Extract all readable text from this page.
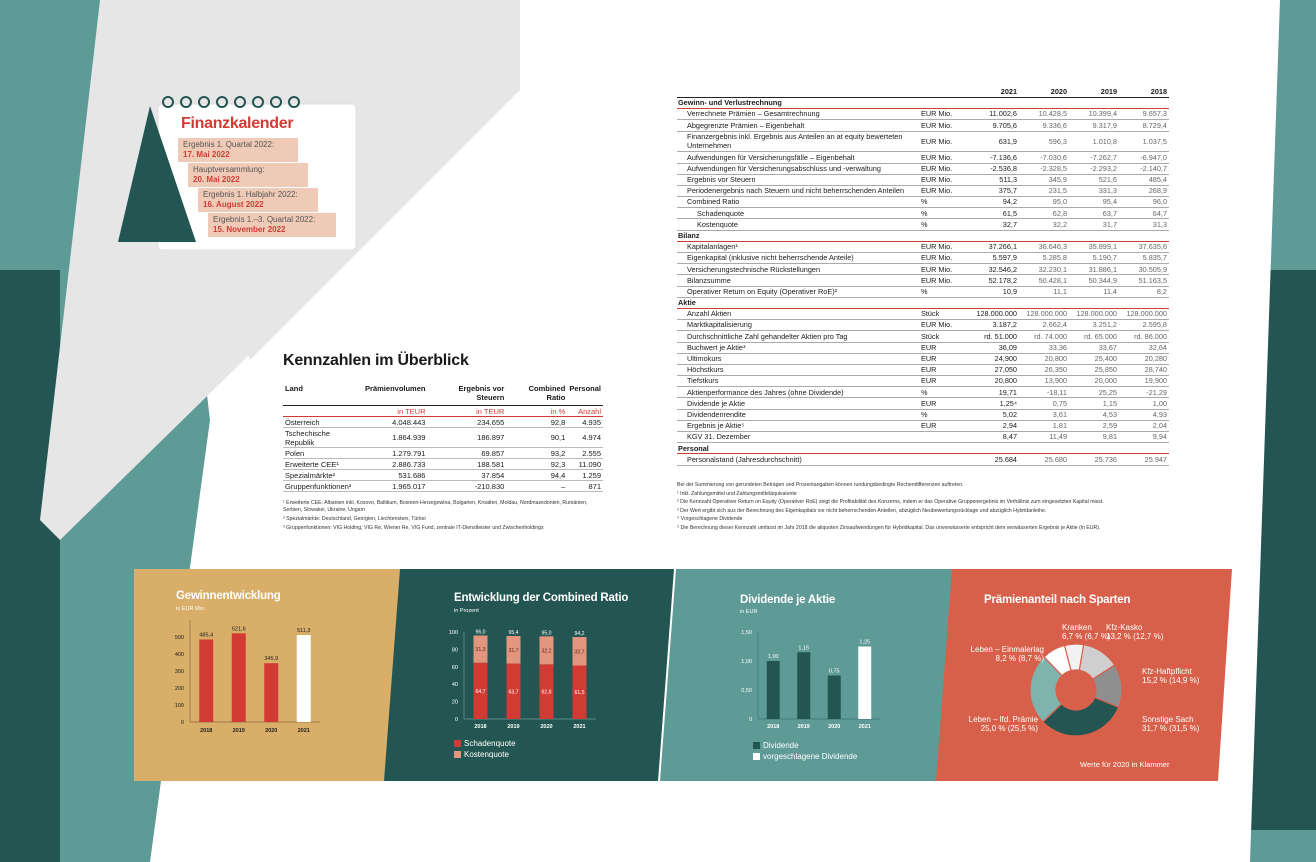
Finanzkalender
Ergebnis 1. Quartal 2022:
17. Mai 2022
Hauptversammlung:
20. Mai 2022
Ergebnis 1. Halbjahr 2022:
16. August 2022
Ergebnis 1.–3. Quartal 2022:
15. November 2022
Kennzahlen im Überblick
Land	Prämienvolumen	Ergebnis vor Steuern	Combined Ratio	Personal
	in TEUR	in TEUR	in %	Anzahl
Österreich	4.048.443	234.655	92,8	4.935
Tschechische Republik	1.864.939	186.897	90,1	4.974
Polen	1.279.791	69.857	93,2	2.555
Erweiterte CEE¹	2.886.733	188.581	92,3	11.090
Spezialmärkte²	531.686	37.854	94,4	1.259
Gruppenfunktionen³	1.965.017	-210.830	–	871
¹ Erweiterte CEE: Albanien inkl. Kosovo, Baltikum, Bosnien-Herzegowina, Bulgarien, Kroatien, Moldau, Nordmazedonien, Rumänien, Serbien, Slowakei, Ukraine, Ungarn
² Spezialmärkte: Deutschland, Georgien, Liechtenstein, Türkei
³ Gruppenfunktionen: VIG Holding, VIG Re, Wiener Re, VIG Fund, zentrale IT-Dienstleister und Zwischenholdings
		2021	2020	2019	2018
Gewinn- und Verlustrechnung					
Verrechnete Prämien – Gesamtrechnung	EUR Mio.	11.002,6	10.428,5	10.399,4	9.657,3
Abgegrenzte Prämien – Eigenbehalt	EUR Mio.	9.705,6	9.336,6	9.317,9	8.729,4
Finanzergebnis inkl. Ergebnis aus Anteilen an at equity bewerteten Unternehmen	EUR Mio.	631,9	596,3	1.010,8	1.037,5
Aufwendungen für Versicherungsfälle – Eigenbehalt	EUR Mio.	-7.136,6	-7.030,6	-7.262,7	-6.947,0
Aufwendungen für Versicherungsabschluss und -verwaltung	EUR Mio.	-2.536,8	-2.328,5	-2.293,2	-2.140,7
Ergebnis vor Steuern	EUR Mio.	511,3	345,9	521,6	485,4
Periodenergebnis nach Steuern und nicht beherrschenden Anteilen	EUR Mio.	375,7	231,5	331,3	268,9
Combined Ratio	%	94,2	95,0	95,4	96,0
Schadenquote	%	61,5	62,8	63,7	64,7
Kostenquote	%	32,7	32,2	31,7	31,3
Bilanz					
Kapitalanlagen¹	EUR Mio.	37.266,1	36.646,3	35.899,1	37.635,6
Eigenkapital (inklusive nicht beherrschende Anteile)	EUR Mio.	5.597,9	5.285,8	5.190,7	5.835,7
Versicherungstechnische Rückstellungen	EUR Mio.	32.546,2	32.230,1	31.886,1	30.505,9
Bilanzsumme	EUR Mio.	52.178,2	50.428,1	50.344,9	51.163,5
Operativer Return on Equity (Operativer RoE)²	%	10,9	11,1	11,4	8,2
Aktie					
Anzahl Aktien	Stück	128.000.000	128.000.000	128.000.000	128.000.000
Marktkapitalisierung	EUR Mio.	3.187,2	2.662,4	3.251,2	2.595,8
Durchschnittliche Zahl gehandelter Aktien pro Tag	Stück	rd. 51.000	rd. 74.000	rd. 65.000	rd. 86.000
Buchwert je Aktie³	EUR	36,09	33,36	33,67	32,64
Ultimokurs	EUR	24,900	20,800	25,400	20,280
Höchstkurs	EUR	27,050	26,350	25,850	28,740
Tiefstkurs	EUR	20,800	13,900	20,000	19,900
Aktienperformance des Jahres (ohne Dividende)	%	19,71	-18,11	25,25	-21,29
Dividende je Aktie	EUR	1,25⁴	0,75	1,15	1,00
Dividendenrendite	%	5,02	3,61	4,53	4,93
Ergebnis je Aktie⁵	EUR	2,94	1,81	2,59	2,04
KGV 31. Dezember		8,47	11,49	9,81	9,94
Personal					
Personalstand (Jahresdurchschnitt)		25.684	25.680	25.736	25.947
Bei der Summierung von gerundeten Beträgen und Prozentangaben können rundungsbedingte Rechendifferenzen auftreten.
¹ Inkl. Zahlungsmittel und Zahlungsmitteläquivalente
² Die Kennzahl Operativer Return on Equity (Operativer RoE) zeigt die Profitabilität des Konzerns, indem er das Operative Gruppenergebnis im Verhältnis zum eingesetzten Kapital misst.
³ Der Wert ergibt sich aus der Berechnung des Eigenkapitals vor nicht beherrschenden Anteilen, abzüglich Neubewertungsrücklage und abzüglich Hybridanleihe.
⁴ Vorgeschlagene Dividende
⁵ Die Berechnung dieser Kennzahl umfasst im Jahr 2018 die aliquoten Zinsaufwendungen für Hybridkapital. Das unverwässerte entspricht dem verwässerten Ergebnis je Aktie (in EUR).
Gewinnentwicklung
in EUR Mio.
0
100
200
300
400
500	485,4
2018
521,6
2019
345,9
2020
511,3
2021
Entwicklung der Combined Ratio
in Prozent
0
20
40
60
80
100
64,7
31,3
96,0
2018
63,7
31,7
95,4
2019
62,8
32,2
95,0
2020
61,5
32,7
94,2
2021
Schadenquote
Kostenquote
Dividende je Aktie
in EUR
0
0,50
1,00
1,50
1,00
2018
1,15
2019
0,75
2020
1,25
2021
Dividende
vorgeschlagene Dividende
Prämienanteil nach Sparten
Kranken
6,7 % (6,7 %)
Kfz-Kasko
13,2 % (12,7 %)
Kfz-Haftpflicht
15,2 % (14,9 %)
Sonstige Sach
31,7 % (31,5 %)
Leben – lfd. Prämie
25,0 % (25,5 %)
Leben – Einmalerlag
8,2 % (8,7 %)
Werte für 2020 in Klammer
